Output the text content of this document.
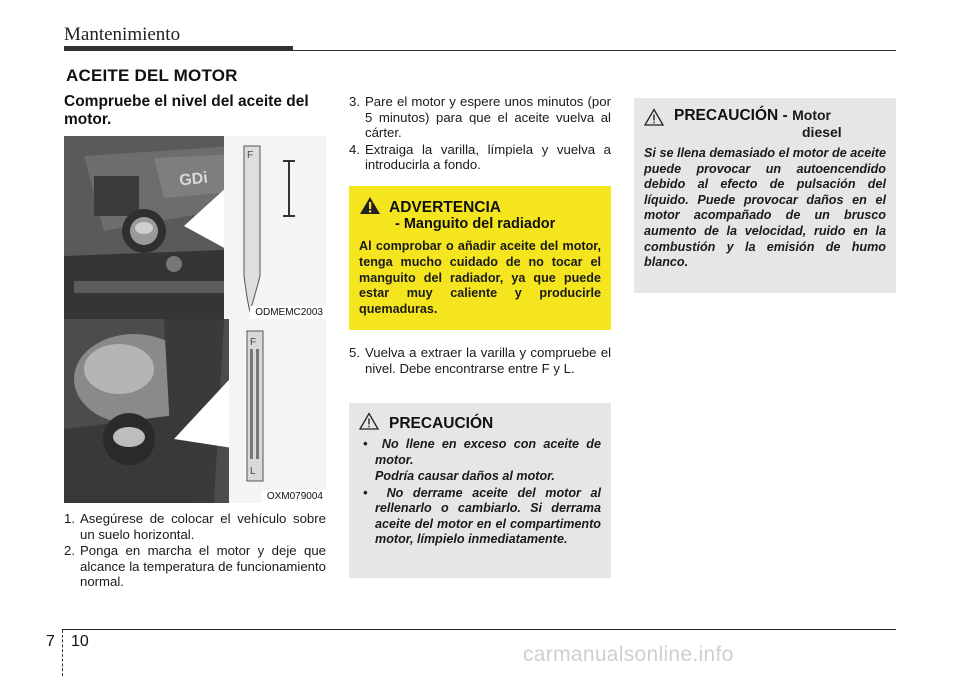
Mantenimiento
ACEITE DEL MOTOR
Compruebe el nivel del aceite del motor.
GDi
F
ODMEMC2003
F
L
OXM079004
1. Asegúrese de colocar el vehículo sobre un suelo horizontal.
2. Ponga en marcha el motor y deje que alcance la temperatura de funcionamiento normal.
3. Pare el motor y espere unos minutos (por 5 minutos) para que el aceite vuelva al cárter.
4. Extraiga la varilla, límpiela y vuelva a introducirla a fondo.
ADVERTENCIA
- Manguito del radiador
Al comprobar o añadir aceite del motor, tenga mucho cuidado de no tocar el manguito del radiador, ya que puede estar muy caliente y producirle quemaduras.
5. Vuelva a extraer la varilla y compruebe el nivel. Debe encontrarse entre F y L.
PRECAUCIÓN
•  No llene en exceso con aceite de motor.
Podría causar daños al motor.
•  No derrame aceite del motor al rellenarlo o cambiarlo. Si derrama aceite del motor en el compartimento motor, límpielo inmediatamente.
PRECAUCIÓN - Motor
diesel
Si se llena demasiado el motor de aceite puede provocar un autoencendido debido al efecto de pulsación del líquido. Puede provocar daños en el motor acompañado de un brusco aumento de la velocidad, ruido en la combustión y la emisión de humo blanco.
7 10
carmanualsonline.info
